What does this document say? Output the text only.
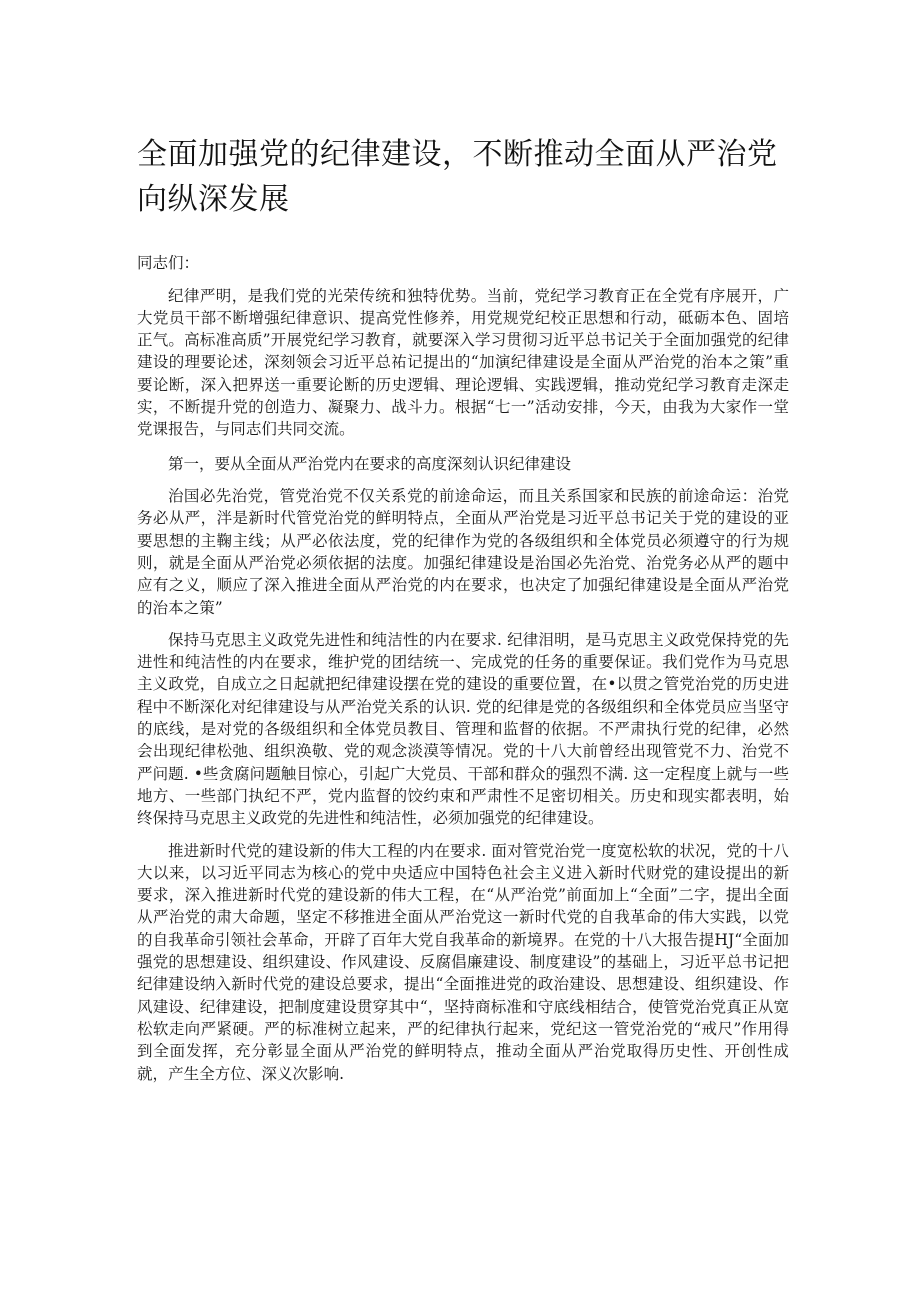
全面加强党的纪律建设，不断推动全面从严治党向纵深发展

同志们：

纪律严明，是我们党的光荣传统和独特优势。当前，党纪学习教育正在全党有序展开，广大党员干部不断增强纪律意识、提高党性修养，用党规党纪校正思想和行动，砥砺本色、固培正气。高标准高质”开展党纪学习教育，就要深入学习贯彻习近平总书记关于全面加强党的纪律建设的理要论述，深刻领会习近平总祐记提出的“加演纪律建设是全面从严治党的治本之策”重要论断，深入把界送一重要论断的历史逻辑、理论逻辑、实践逻辑，推动党纪学习教育走深走实，不断提升党的创造力、凝聚力、战斗力。根据“七一”活动安排，今天，由我为大家作一堂党课报告，与同志们共同交流。

第一，要从全面从严治党内在要求的高度深刻认识纪律建设

治国必先治党，管党治党不仅关系党的前途命运，而且关系国家和民族的前途命运：治党务必从严，泮是新时代管党治党的鲜明特点，全面从严治党是习近平总书记关于党的建设的亚要思想的主鞠主线；从严必依法度，党的纪律作为党的各级组织和全体党员必须遵守的行为规则，就是全面从严治党必须依据的法度。加强纪律建设是治国必先治党、治党务必从严的题中应有之义，顺应了深入推进全面从严治党的内在要求，也决定了加强纪律建设是全面从严治党的治本之策”

保持马克思主义政党先进性和纯洁性的内在要求. 纪律泪明，是马克思主义政党保持党的先进性和纯洁性的内在要求，维护党的团结统一、完成党的任务的重要保证。我们党作为马克思主义政党，自成立之日起就把纪律建设摆在党的建设的重要位置，在•以贯之管党治党的历史进程中不断深化对纪律建设与从严治党关系的认识. 党的纪律是党的各级组织和全体党员应当坚守的底线，是对党的各级组织和全体党员教目、管理和监督的依据。不严肃执行党的纪律，必然会出现纪律松弛、组织涣敬、党的观念淡漠等情况。党的十八大前曾经出现管党不力、治党不严问题. •些贪腐问题触目惊心，引起广大党员、干部和群众的强烈不满. 这一定程度上就与一些地方、一些部门执纪不严，党内监督的饺约束和严肃性不足密切相关。历史和现实都表明，始终保持马克思主义政党的先进性和纯洁性，必须加强党的纪律建设。

推进新时代党的建设新的伟大工程的内在要求. 面对管党治党一度宽松软的状况，党的十八大以来，以习近平同志为核心的党中央适应中国特色社会主义进入新时代财党的建设提出的新要求，深入推进新时代党的建设新的伟大工程，在“从严治党”前面加上“全面”二字，提出全面从严治党的肃大命题，坚定不移推进全面从严治党这一新时代党的自我革命的伟大实践，以党的自我革命引领社会革命，开辟了百年大党自我革命的新境界。在党的十八大报告提HJ“全面加强党的思想建设、组织建设、作风建设、反腐倡廉建设、制度建设”的基础上，习近平总书记把纪律建设纳入新时代党的建设总要求，提出“全面推进党的政治建设、思想建设、组织建设、作风建设、纪律建设，把制度建设贯穿其中“，坚持商标准和守底线相结合，使管党治党真正从宽松软走向严紧硬。严的标准树立起来，严的纪律执行起来，党纪这一管党治党的“戒尺”作用得到全面发挥，充分彰显全面从严治党的鲜明特点，推动全面从严治党取得历史性、开创性成就，产生全方位、深义次影响.
